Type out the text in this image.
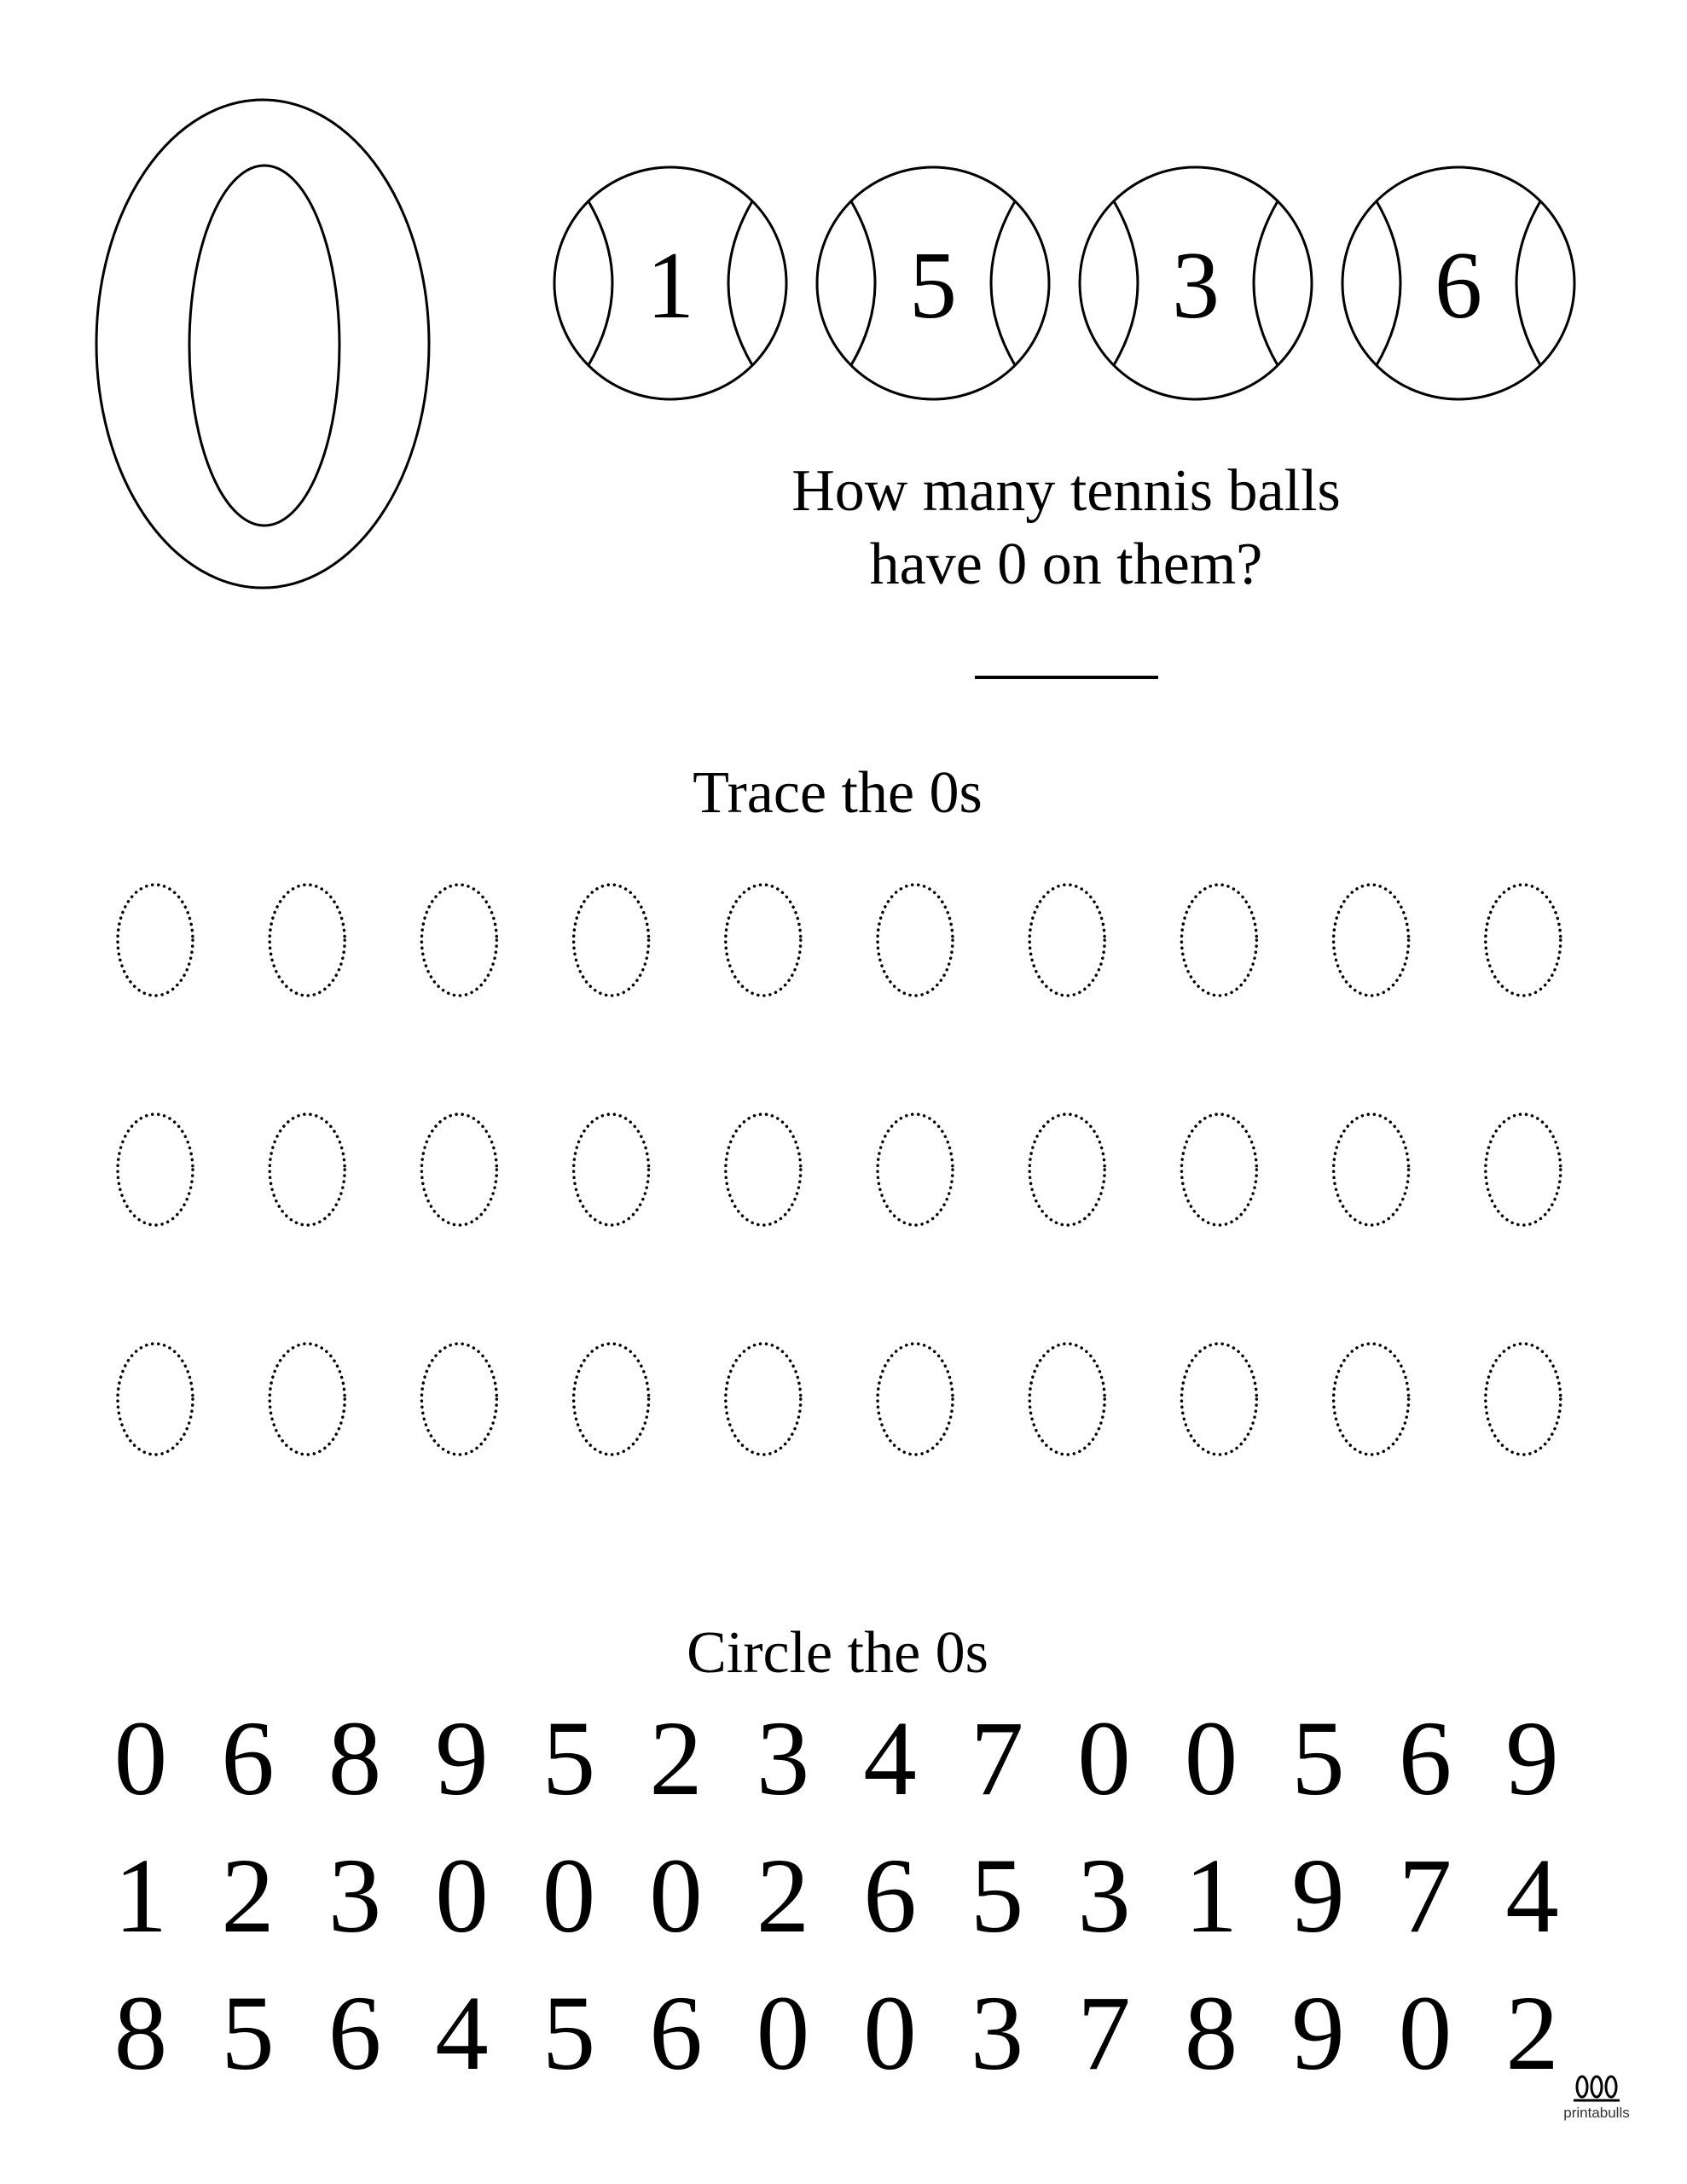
1 5 3 6
How many tennis balls
have 0 on them?
Trace the 0s
Circle the 0s
0 6 8 9 5 2 3 4 7 0 0 5 6 9
1 2 3 0 0 0 2 6 5 3 1 9 7 4
8 5 6 4 5 6 0 0 3 7 8 9 0 2
printabulls
